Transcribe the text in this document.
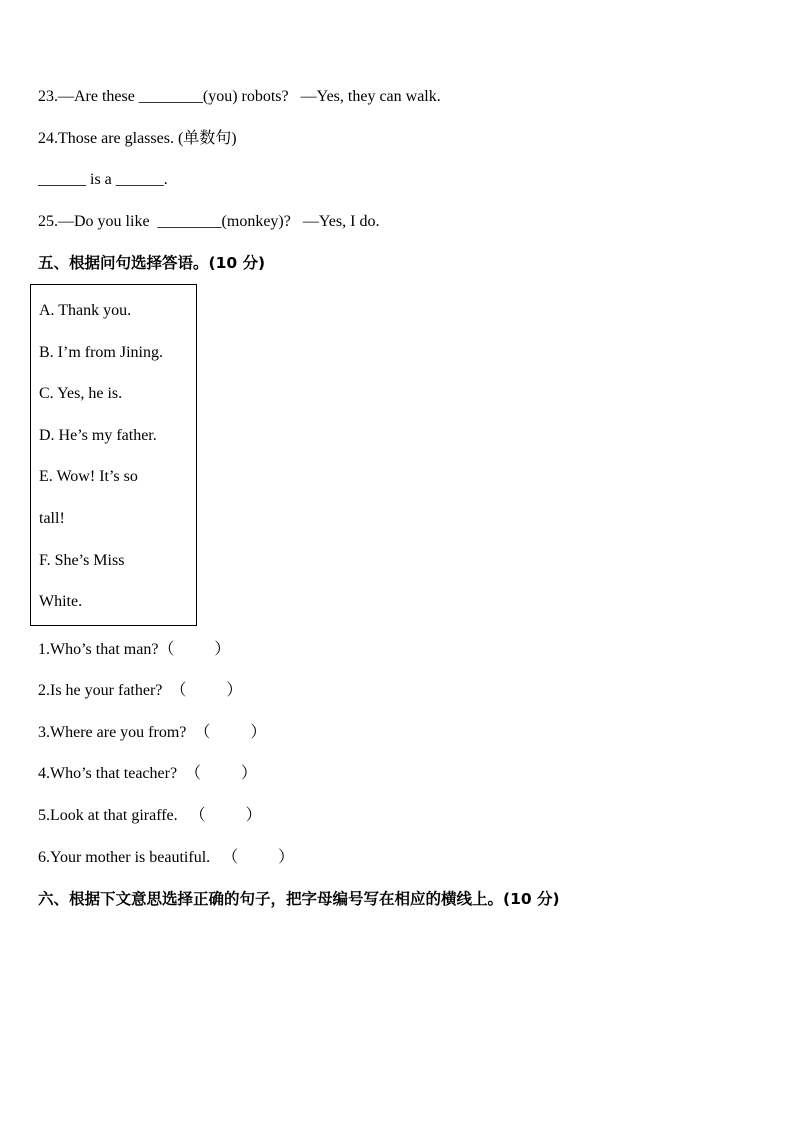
23.—Are these ________(you) robots?   —Yes, they can walk.
24.Those are glasses. (单数句)
______ is a ______.
25.—Do you like  ________(monkey)?   —Yes, I do.
五、根据问句选择答语。(10 分)
A. Thank you.
B. I’m from Jining.
C. Yes, he is.
D. He’s my father.
E. Wow! It’s so
tall!
F. She’s Miss
White.
1.Who’s that man?（          ）
2.Is he your father?  （          ）
3.Where are you from?  （          ）
4.Who’s that teacher?  （          ）
5.Look at that giraffe.   （          ）
6.Your mother is beautiful.   （          ）
六、根据下文意思选择正确的句子，把字母编号写在相应的横线上。(10 分)
